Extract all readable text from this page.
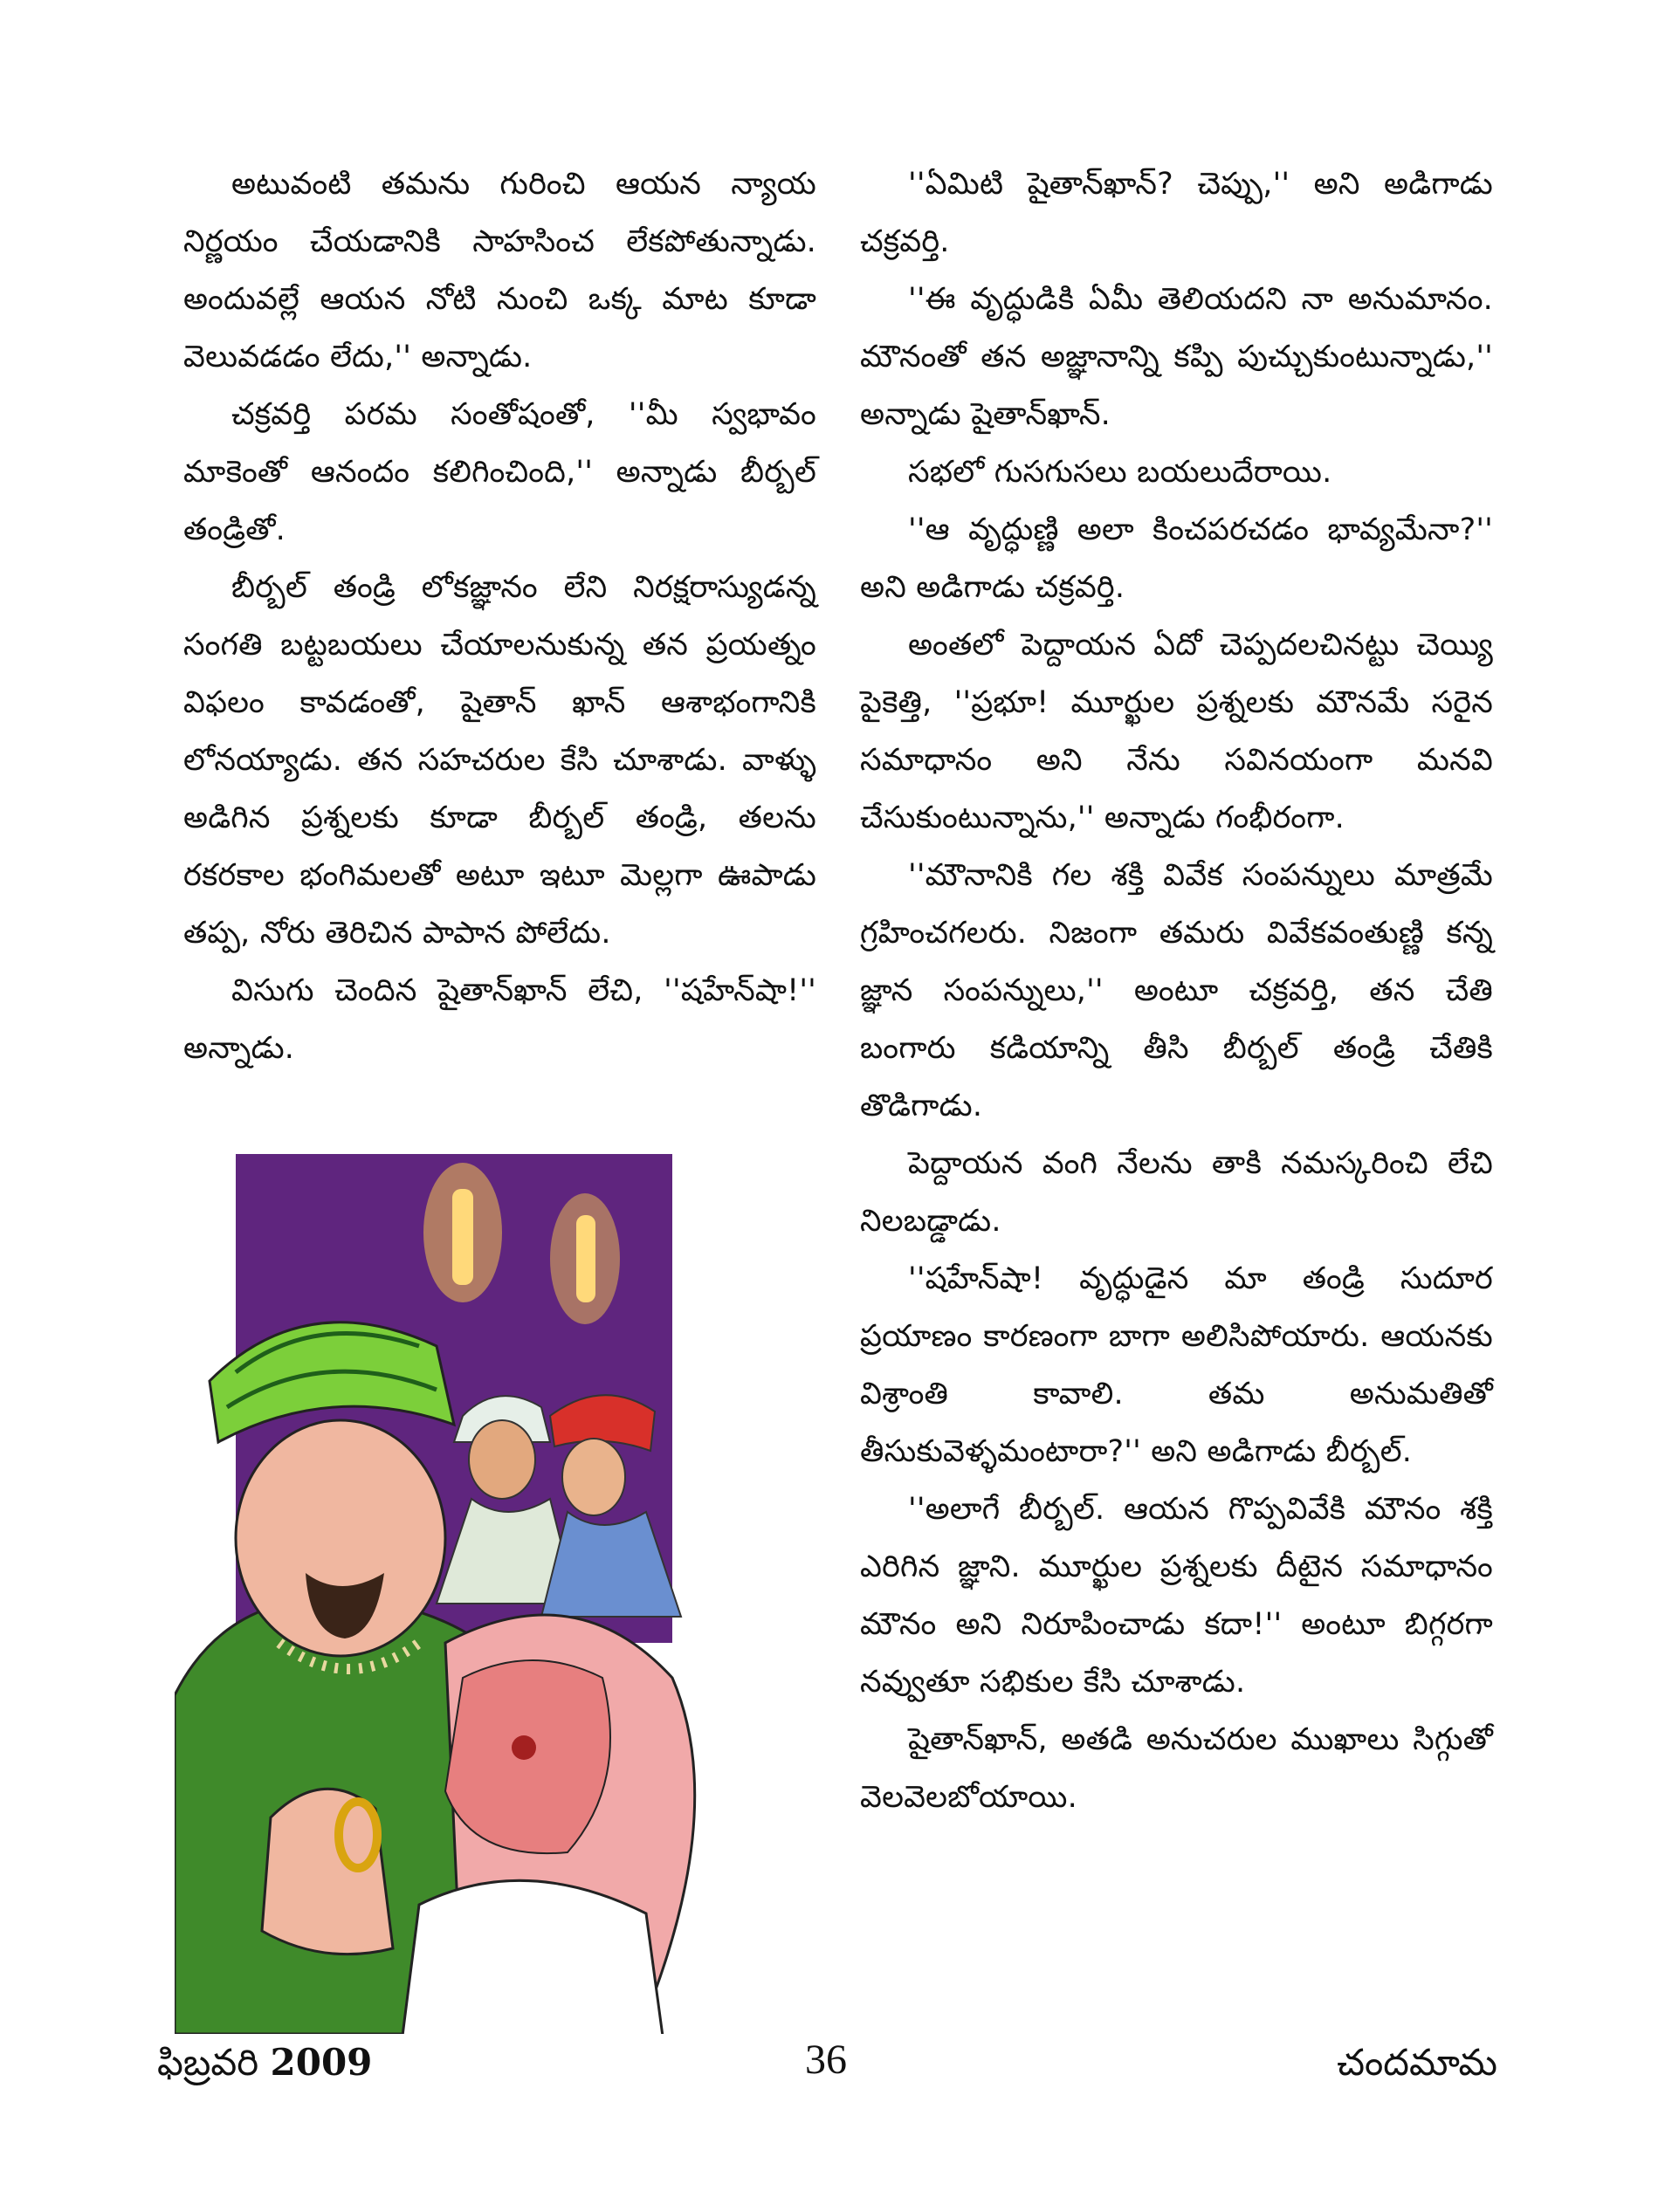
అటువంటి తమను గురించి ఆయన న్యాయ నిర్ణయం చేయడానికి సాహసించ లేకపోతున్నాడు. అందువల్లే ఆయన నోటి నుంచి ఒక్క మాట కూడా వెలువడడం లేదు,'' అన్నాడు.

చక్రవర్తి పరమ సంతోషంతో, ''మీ స్వభావం మాకెంతో ఆనందం కలిగించింది,'' అన్నాడు బీర్బల్ తండ్రితో.

బీర్బల్ తండ్రి లోకజ్ఞానం లేని నిరక్షరాస్యుడన్న సంగతి బట్టబయలు చేయాలనుకున్న తన ప్రయత్నం విఫలం కావడంతో, షైతాన్ ఖాన్ ఆశాభంగానికి లోనయ్యాడు. తన సహచరుల కేసి చూశాడు. వాళ్ళు అడిగిన ప్రశ్నలకు కూడా బీర్బల్ తండ్రి, తలను రకరకాల భంగిమలతో అటూ ఇటూ మెల్లగా ఊపాడు తప్ప, నోరు తెరిచిన పాపాన పోలేదు.

విసుగు చెందిన షైతాన్‌ఖాన్ లేచి, ''షహేన్‌షా!'' అన్నాడు.

''ఏమిటి షైతాన్‌ఖాన్? చెప్పు,'' అని అడిగాడు చక్రవర్తి.

''ఈ వృద్ధుడికి ఏమీ తెలియదని నా అనుమానం. మౌనంతో తన అజ్ఞానాన్ని కప్పి పుచ్చుకుంటున్నాడు,'' అన్నాడు షైతాన్‌ఖాన్.

సభలో గుసగుసలు బయలుదేరాయి.

''ఆ వృద్ధుణ్ణి అలా కించపరచడం భావ్యమేనా?'' అని అడిగాడు చక్రవర్తి.

అంతలో పెద్దాయన ఏదో చెప్పదలచినట్టు చెయ్యి పైకెత్తి, ''ప్రభూ! మూర్ఖుల ప్రశ్నలకు మౌనమే సరైన సమాధానం అని నేను సవినయంగా మనవి చేసుకుంటున్నాను,'' అన్నాడు గంభీరంగా.

''మౌనానికి గల శక్తి వివేక సంపన్నులు మాత్రమే గ్రహించగలరు. నిజంగా తమరు వివేకవంతుణ్ణి కన్న జ్ఞాన సంపన్నులు,'' అంటూ చక్రవర్తి, తన చేతి బంగారు కడియాన్ని తీసి బీర్బల్ తండ్రి చేతికి తొడిగాడు.

పెద్దాయన వంగి నేలను తాకి నమస్కరించి లేచి నిలబడ్డాడు.

''షహేన్‌షా! వృద్ధుడైన మా తండ్రి సుదూర ప్రయాణం కారణంగా బాగా అలిసిపోయారు. ఆయనకు విశ్రాంతి కావాలి. తమ అనుమతితో తీసుకువెళ్ళమంటారా?'' అని అడిగాడు బీర్బల్.

''అలాగే బీర్బల్. ఆయన గొప్పవివేకి మౌనం శక్తి ఎరిగిన జ్ఞాని. మూర్ఖుల ప్రశ్నలకు దీటైన సమాధానం మౌనం అని నిరూపించాడు కదా!'' అంటూ బిగ్గరగా నవ్వుతూ సభికుల కేసి చూశాడు.

షైతాన్‌ఖాన్, అతడి అనుచరుల ముఖాలు సిగ్గుతో వెలవెలబోయాయి.

ఫిబ్రవరి 2009	36	చందమామ
